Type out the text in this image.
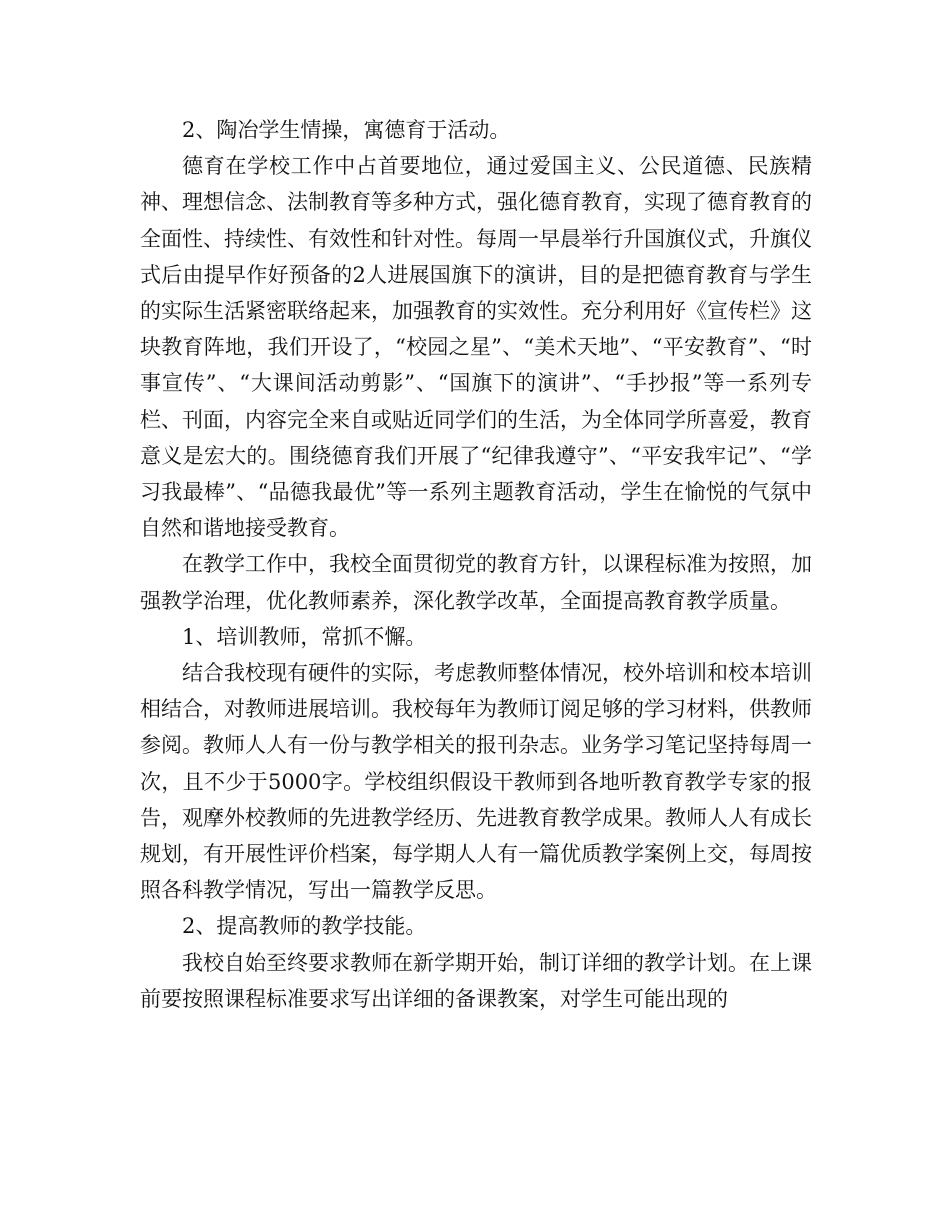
2、陶冶学生情操，寓德育于活动。

德育在学校工作中占首要地位，通过爱国主义、公民道德、民族精神、理想信念、法制教育等多种方式，强化德育教育，实现了德育教育的全面性、持续性、有效性和针对性。每周一早晨举行升国旗仪式，升旗仪式后由提早作好预备的2人进展国旗下的演讲，目的是把德育教育与学生的实际生活紧密联络起来，加强教育的实效性。充分利用好《宣传栏》这块教育阵地，我们开设了，“校园之星”、“美术天地”、“平安教育”、“时事宣传”、“大课间活动剪影”、“国旗下的演讲”、“手抄报”等一系列专栏、刊面，内容完全来自或贴近同学们的生活，为全体同学所喜爱，教育意义是宏大的。围绕德育我们开展了“纪律我遵守”、“平安我牢记”、“学习我最棒”、“品德我最优”等一系列主题教育活动，学生在愉悦的气氛中自然和谐地接受教育。

在教学工作中，我校全面贯彻党的教育方针，以课程标准为按照，加强教学治理，优化教师素养，深化教学改革，全面提高教育教学质量。

1、培训教师，常抓不懈。

结合我校现有硬件的实际，考虑教师整体情况，校外培训和校本培训相结合，对教师进展培训。我校每年为教师订阅足够的学习材料，供教师参阅。教师人人有一份与教学相关的报刊杂志。业务学习笔记坚持每周一次，且不少于5000字。学校组织假设干教师到各地听教育教学专家的报告，观摩外校教师的先进教学经历、先进教育教学成果。教师人人有成长规划，有开展性评价档案，每学期人人有一篇优质教学案例上交，每周按照各科教学情况，写出一篇教学反思。

2、提高教师的教学技能。

我校自始至终要求教师在新学期开始，制订详细的教学计划。在上课前要按照课程标准要求写出详细的备课教案，对学生可能出现的
